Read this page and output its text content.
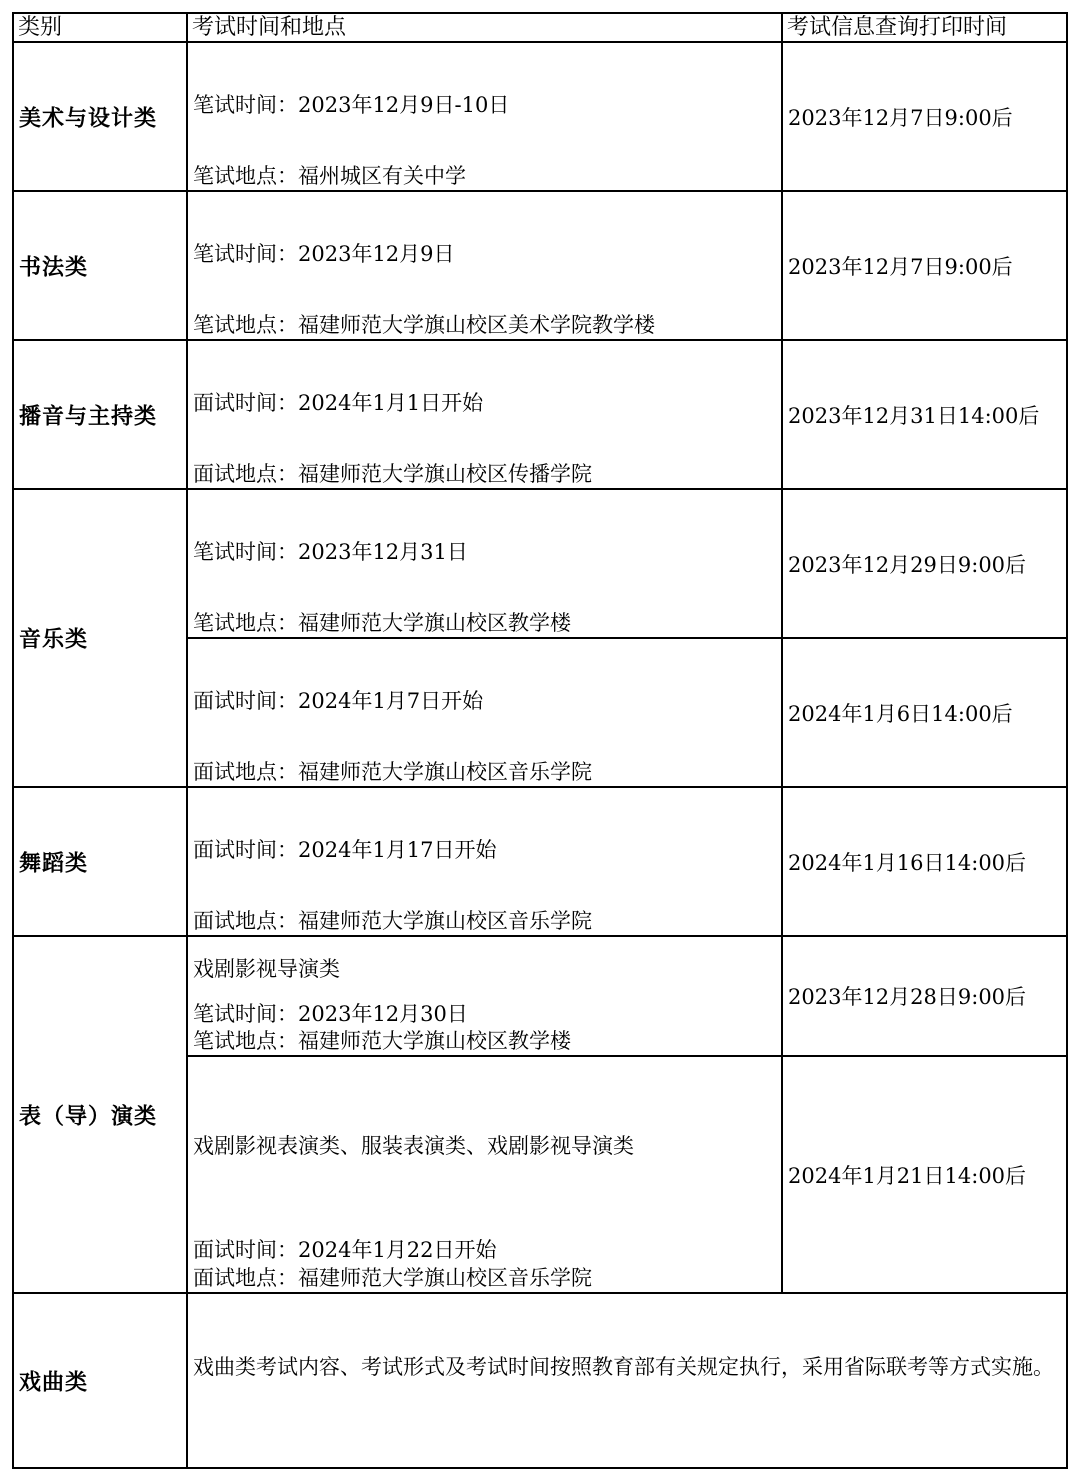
类别	考试时间和地点	考试信息查询打印时间

美术与设计类	笔试时间：2023年12月9日-10日
笔试地点：福州城区有关中学	2023年12月7日9:00后

书法类	笔试时间：2023年12月9日
笔试地点：福建师范大学旗山校区美术学院教学楼	2023年12月7日9:00后

播音与主持类	面试时间：2024年1月1日开始
面试地点：福建师范大学旗山校区传播学院	2023年12月31日14:00后

音乐类	笔试时间：2023年12月31日
笔试地点：福建师范大学旗山校区教学楼	2023年12月29日9:00后

	面试时间：2024年1月7日开始
面试地点：福建师范大学旗山校区音乐学院	2024年1月6日14:00后

舞蹈类	面试时间：2024年1月17日开始
面试地点：福建师范大学旗山校区音乐学院	2024年1月16日14:00后

表（导）演类	戏剧影视导演类
笔试时间：2023年12月30日
笔试地点：福建师范大学旗山校区教学楼	2023年12月28日9:00后

	戏剧影视表演类、服装表演类、戏剧影视导演类
面试时间：2024年1月22日开始
面试地点：福建师范大学旗山校区音乐学院	2024年1月21日14:00后

戏曲类	戏曲类考试内容、考试形式及考试时间按照教育部有关规定执行，采用省际联考等方式实施。	
